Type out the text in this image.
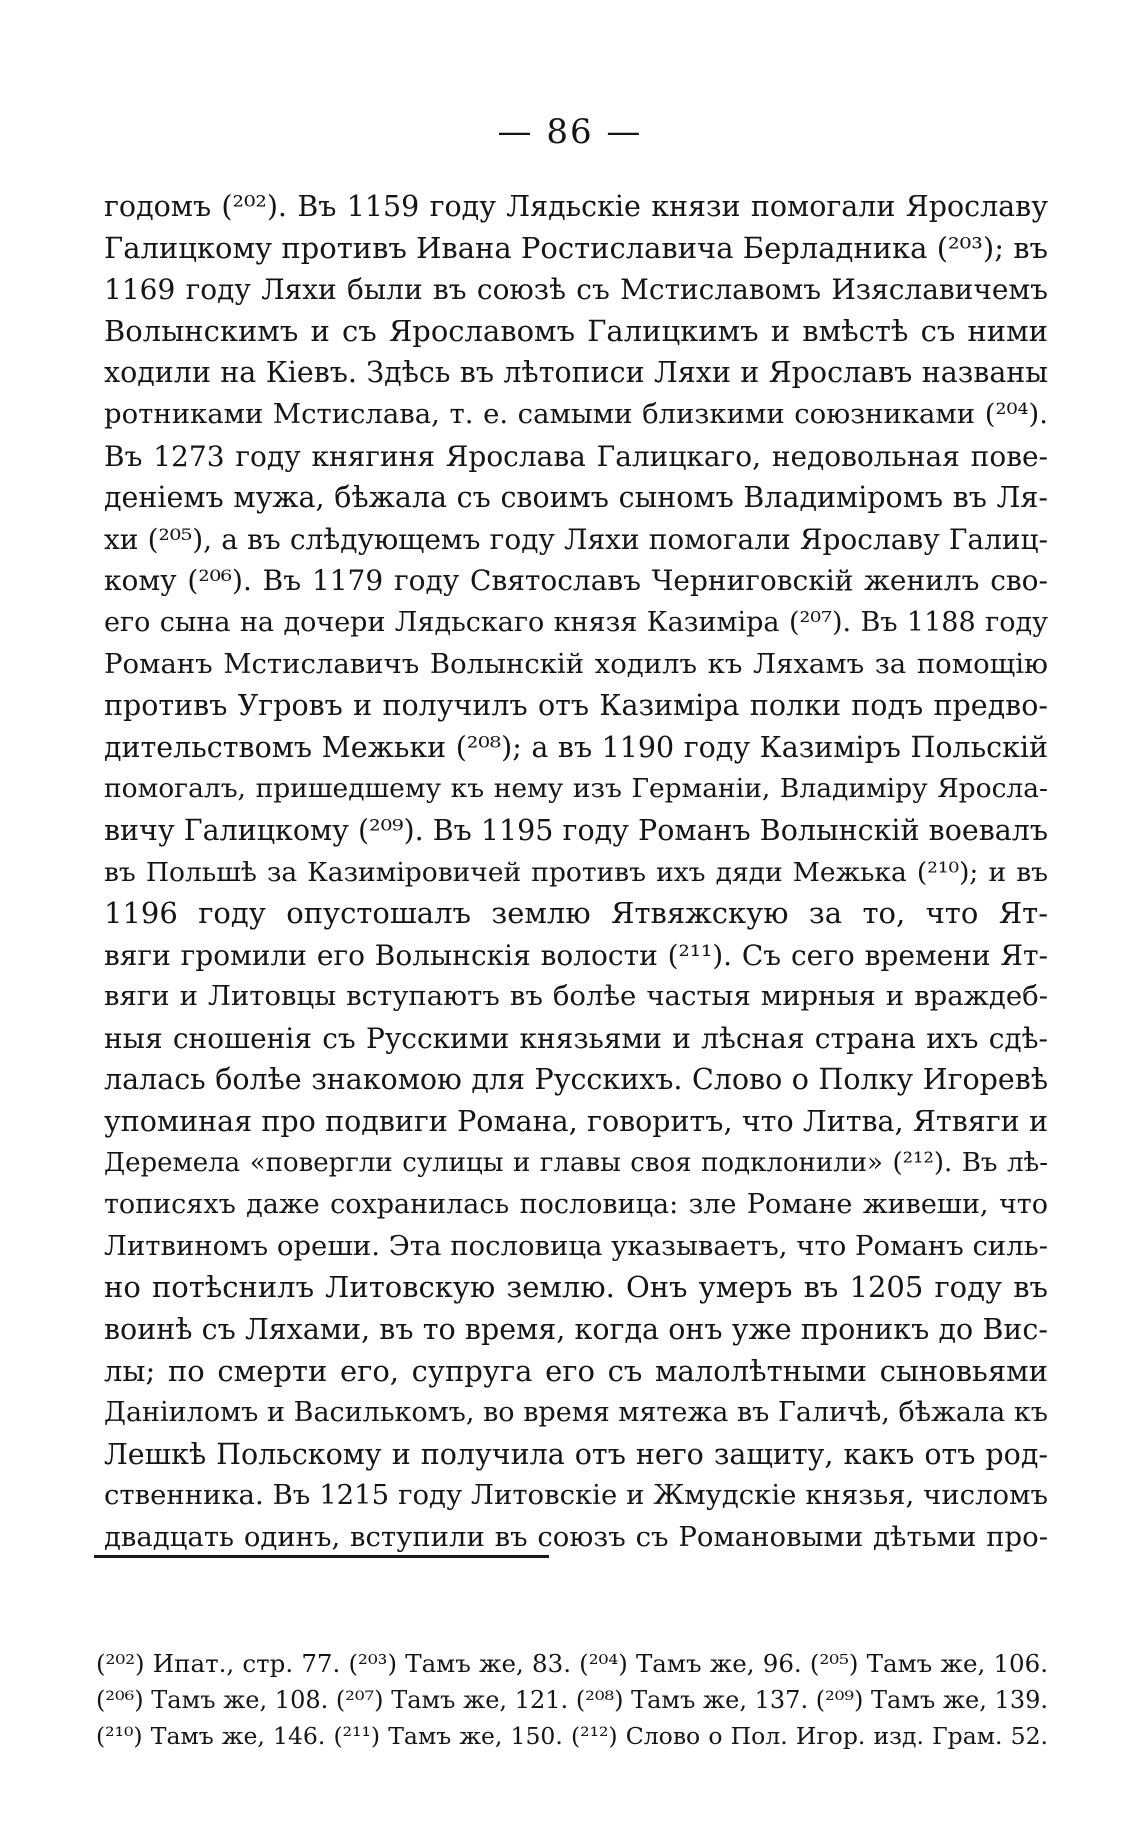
— 86 —
годомъ (²⁰²). Въ 1159 году Лядьскіе князи помогали Ярославу
Галицкому противъ Ивана Ростиславича Берладника (²⁰³); въ
1169 году Ляхи были въ союзѣ съ Мстиславомъ Изяславичемъ
Волынскимъ и съ Ярославомъ Галицкимъ и вмѣстѣ съ ними
ходили на Кіевъ. Здѣсь въ лѣтописи Ляхи и Ярославъ названы
ротниками Мстислава, т. е. самыми близкими союзниками (²⁰⁴).
Въ 1273 году княгиня Ярослава Галицкаго, недовольная пове-
деніемъ мужа, бѣжала съ своимъ сыномъ Владиміромъ въ Ля-
хи (²⁰⁵), а въ слѣдующемъ году Ляхи помогали Ярославу Галиц-
кому (²⁰⁶). Въ 1179 году Святославъ Черниговскій женилъ сво-
его сына на дочери Лядьскаго князя Казиміра (²⁰⁷). Въ 1188 году
Романъ Мстиславичъ Волынскій ходилъ къ Ляхамъ за помощію
противъ Угровъ и получилъ отъ Казиміра полки подъ предво-
дительствомъ Межьки (²⁰⁸); а въ 1190 году Казиміръ Польскій
помогалъ, пришедшему къ нему изъ Германіи, Владиміру Яросла-
вичу Галицкому (²⁰⁹). Въ 1195 году Романъ Волынскій воевалъ
въ Польшѣ за Казиміровичей противъ ихъ дяди Межька (²¹⁰); и въ
1196 году опустошалъ землю Ятвяжскую за то, что Ят-
вяги громили его Волынскія волости (²¹¹). Съ сего времени Ят-
вяги и Литовцы вступаютъ въ болѣе частыя мирныя и враждеб-
ныя сношенія съ Русскими князьями и лѣсная страна ихъ сдѣ-
лалась болѣе знакомою для Русскихъ. Слово о Полку Игоревѣ
упоминая про подвиги Романа, говоритъ, что Литва, Ятвяги и
Деремела «повергли сулицы и главы своя подклонили» (²¹²). Въ лѣ-
тописяхъ даже сохранилась пословица: зле Романе живеши, что
Литвиномъ ореши. Эта пословица указываетъ, что Романъ силь-
но потѣснилъ Литовскую землю. Онъ умеръ въ 1205 году въ
воинѣ съ Ляхами, въ то время, когда онъ уже проникъ до Вис-
лы; по смерти его, супруга его съ малолѣтными сыновьями
Даніиломъ и Василькомъ, во время мятежа въ Галичѣ, бѣжала къ
Лешкѣ Польскому и получила отъ него защиту, какъ отъ род-
ственника. Въ 1215 году Литовскіе и Жмудскіе князья, числомъ
двадцать одинъ, вступили въ союзъ съ Романовыми дѣтьми про-
(²⁰²) Ипат., стр. 77. (²⁰³) Тамъ же, 83. (²⁰⁴) Тамъ же, 96. (²⁰⁵) Тамъ же, 106.
(²⁰⁶) Тамъ же, 108. (²⁰⁷) Тамъ же, 121. (²⁰⁸) Тамъ же, 137. (²⁰⁹) Тамъ же, 139.
(²¹⁰) Тамъ же, 146. (²¹¹) Тамъ же, 150. (²¹²) Слово о Пол. Игор. изд. Грам. 52.
